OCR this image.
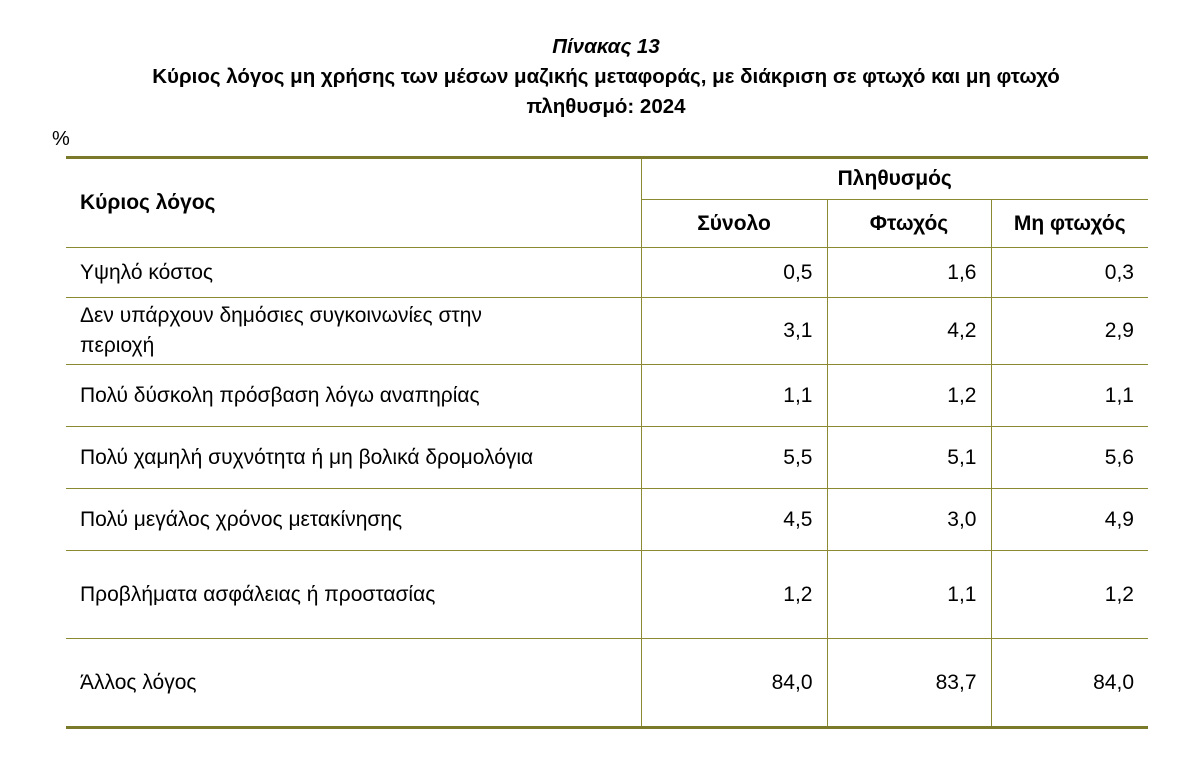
Πίνακας 13
Κύριος λόγος μη χρήσης των μέσων μαζικής μεταφοράς, με διάκριση σε φτωχό και μη φτωχό
πληθυσμό: 2024
%
Κύριος λόγος	Πληθυσμός		
	Σύνολο	Φτωχός	Μη φτωχός
Υψηλό κόστος	0,5	1,6	0,3
Δεν υπάρχουν δημόσιες συγκοινωνίες στην περιοχή	3,1	4,2	2,9
Πολύ δύσκολη πρόσβαση λόγω αναπηρίας	1,1	1,2	1,1
Πολύ χαμηλή συχνότητα ή μη βολικά δρομολόγια	5,5	5,1	5,6
Πολύ μεγάλος χρόνος μετακίνησης	4,5	3,0	4,9
Προβλήματα ασφάλειας ή προστασίας	1,2	1,1	1,2
Άλλος λόγος	84,0	83,7	84,0
